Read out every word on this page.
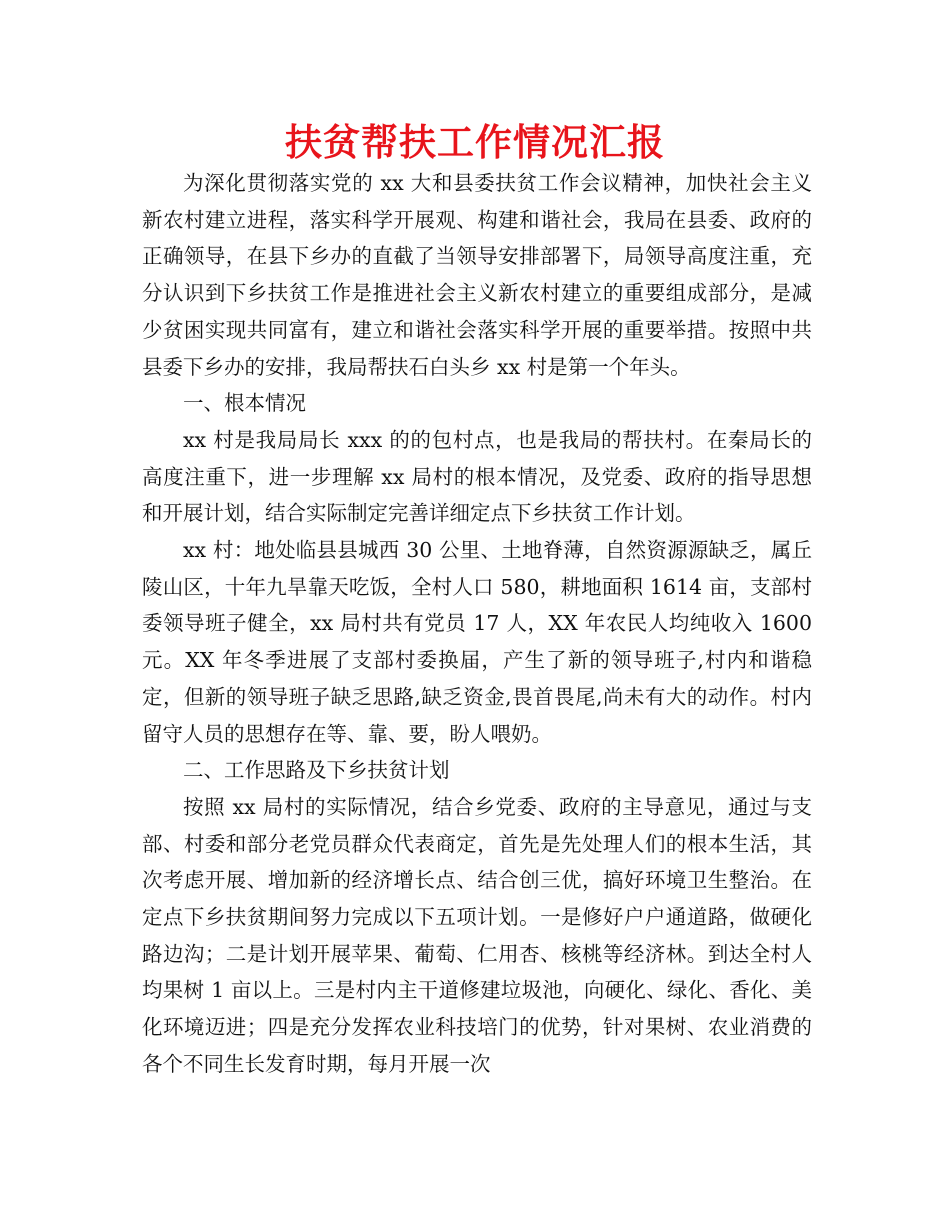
扶贫帮扶工作情况汇报

为深化贯彻落实党的 xx 大和县委扶贫工作会议精神，加快社会主义新农村建立进程，落实科学开展观、构建和谐社会，我局在县委、政府的正确领导，在县下乡办的直截了当领导安排部署下，局领导高度注重，充分认识到下乡扶贫工作是推进社会主义新农村建立的重要组成部分，是减少贫困实现共同富有，建立和谐社会落实科学开展的重要举措。按照中共县委下乡办的安排，我局帮扶石白头乡 xx 村是第一个年头。

一、根本情况

xx 村是我局局长 xxx 的的包村点，也是我局的帮扶村。在秦局长的高度注重下，进一步理解 xx 局村的根本情况，及党委、政府的指导思想和开展计划，结合实际制定完善详细定点下乡扶贫工作计划。

xx 村：地处临县县城西 30 公里、土地脊薄，自然资源源缺乏，属丘陵山区，十年九旱靠天吃饭，全村人口 580，耕地面积 1614 亩，支部村委领导班子健全，xx 局村共有党员 17 人，XX 年农民人均纯收入 1600 元。XX 年冬季进展了支部村委换届，产生了新的领导班子,村内和谐稳定，但新的领导班子缺乏思路,缺乏资金,畏首畏尾,尚未有大的动作。村内留守人员的思想存在等、靠、要，盼人喂奶。

二、工作思路及下乡扶贫计划

按照 xx 局村的实际情况，结合乡党委、政府的主导意见，通过与支部、村委和部分老党员群众代表商定，首先是先处理人们的根本生活，其次考虑开展、增加新的经济增长点、结合创三优，搞好环境卫生整治。在定点下乡扶贫期间努力完成以下五项计划。一是修好户户通道路，做硬化路边沟；二是计划开展苹果、葡萄、仁用杏、核桃等经济林。到达全村人均果树 1 亩以上。三是村内主干道修建垃圾池，向硬化、绿化、香化、美化环境迈进；四是充分发挥农业科技培门的优势，针对果树、农业消费的各个不同生长发育时期，每月开展一次
